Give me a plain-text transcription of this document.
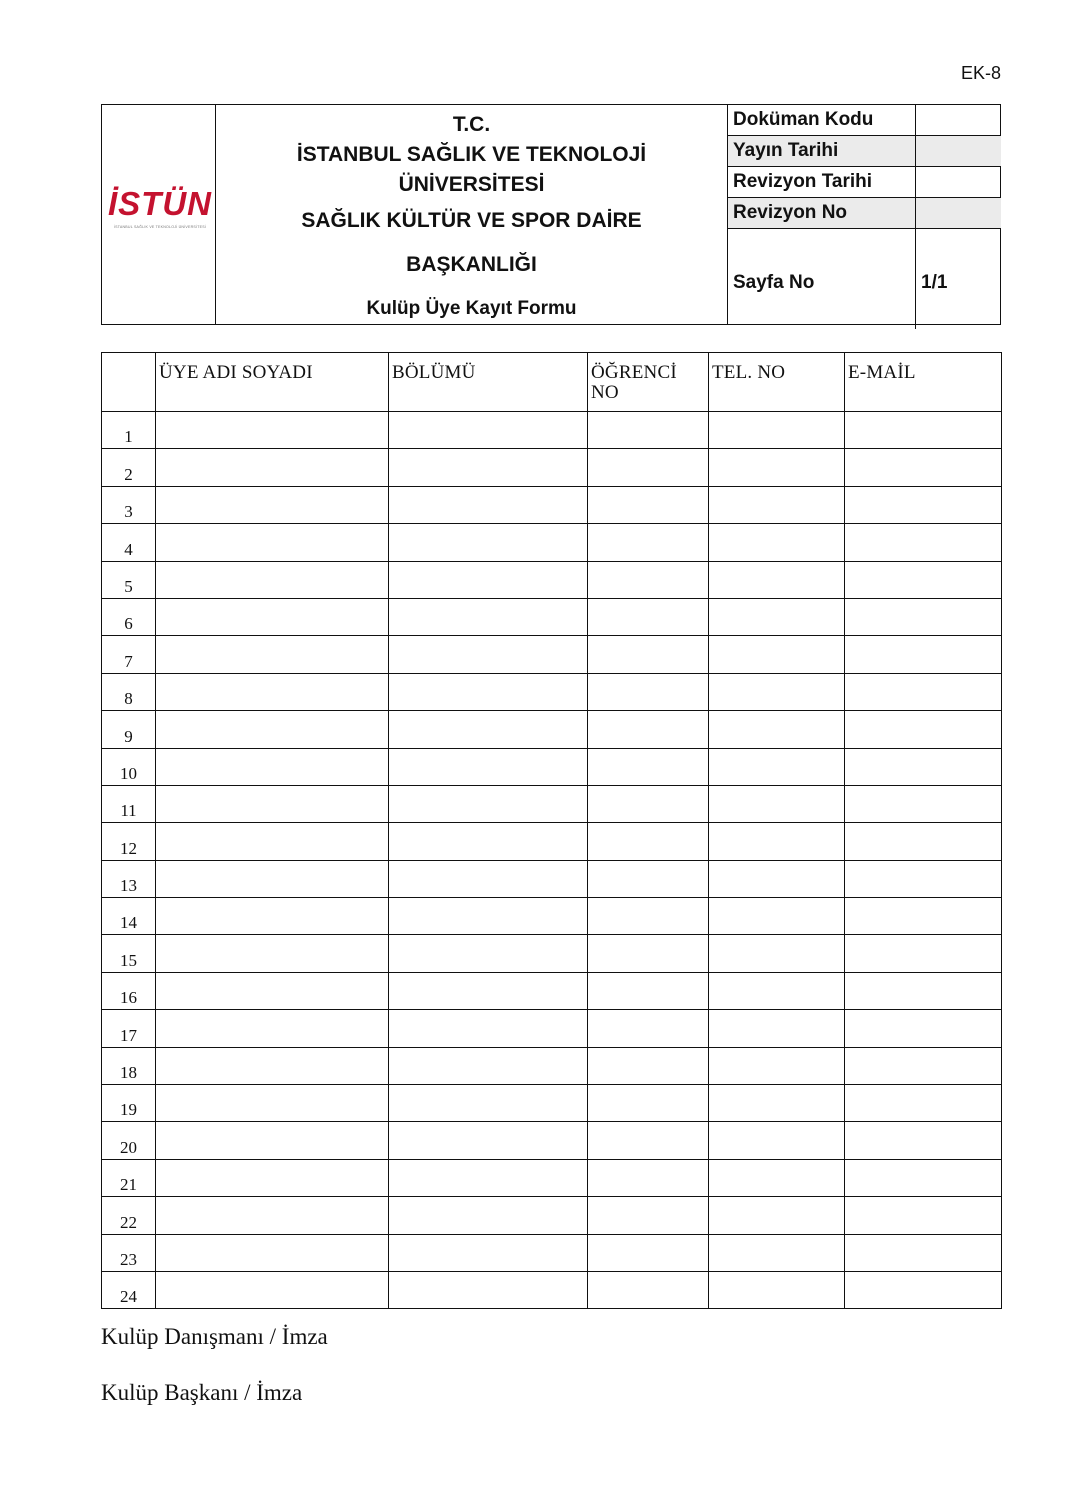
EK-8
İSTÜN
İSTANBUL SAĞLIK VE TEKNOLOJİ ÜNİVERSİTESİ
T.C.
İSTANBUL SAĞLIK VE TEKNOLOJİ
ÜNİVERSİTESİ
SAĞLIK KÜLTÜR VE SPOR DAİRE
BAŞKANLIĞI
Kulüp Üye Kayıt Formu
Doküman Kodu	
Yayın Tarihi	
Revizyon Tarihi	
Revizyon No	
Sayfa No	1/1
	ÜYE ADI SOYADI	BÖLÜMÜ	ÖĞRENCİ NO	TEL. NO	E-MAİL
1					
2					
3					
4					
5					
6					
7					
8					
9					
10					
11					
12					
13					
14					
15					
16					
17					
18					
19					
20					
21					
22					
23					
24					
Kulüp Danışmanı / İmza
Kulüp Başkanı / İmza
